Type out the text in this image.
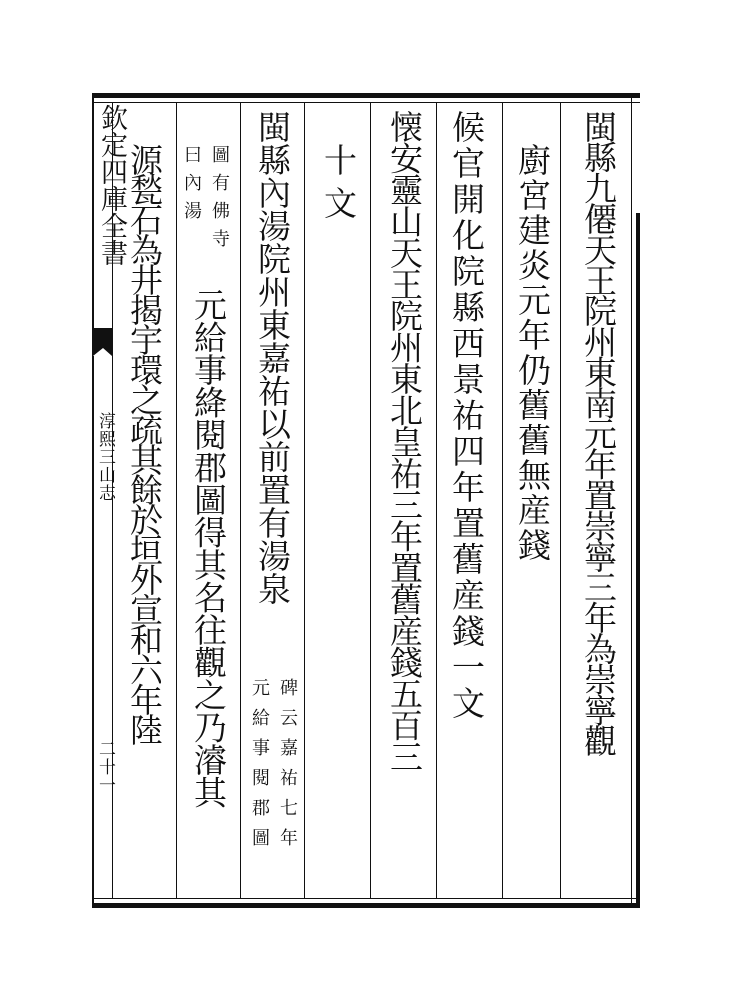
欽定四庫全書
淳熙三山志
二十一
閩縣九僊天王院州東南元年置崇寧三年為崇寧觀
廚宮建炎元年仍舊舊無産錢
候官開化院縣西景祐四年置舊産錢一文
懐安靈山天王院州東北皇祐三年置舊産錢五百三
十文
閩縣內湯院州東嘉祐以前置有湯泉
碑云嘉祐七年
元給事閱郡圖
圖有佛寺
曰內湯
元給事絳閱郡圖得其名往觀之乃濬其
源甃石為井揭宇環之疏其餘於垣外宣和六年陸
